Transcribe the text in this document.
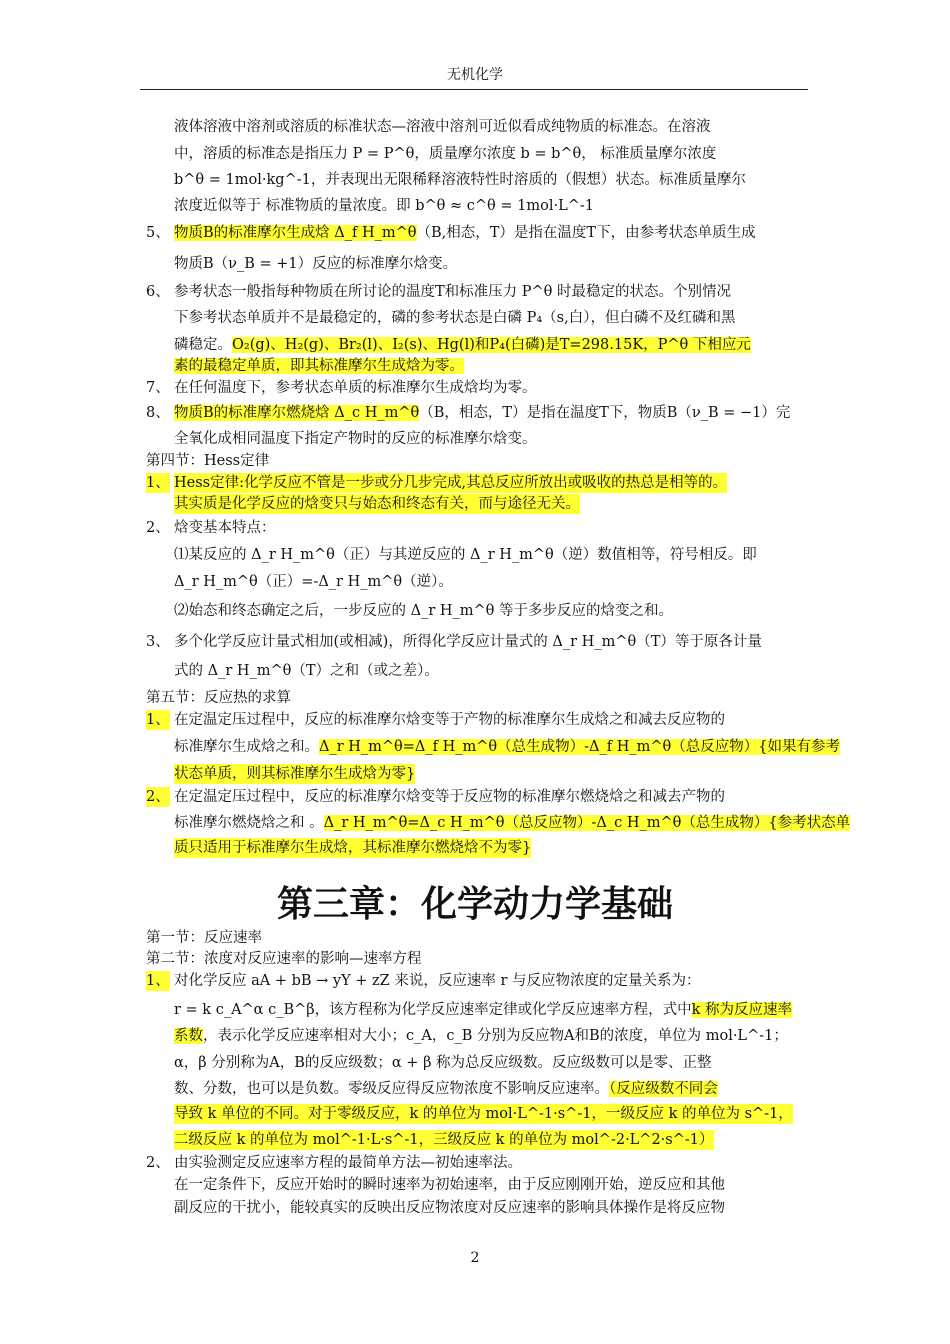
无机化学
液体溶液中溶剂或溶质的标准状态—溶液中溶剂可近似看成纯物质的标准态。在溶液
中，溶质的标准态是指压力 P = P^θ，质量摩尔浓度 b = b^θ， 标准质量摩尔浓度
b^θ = 1mol·kg^-1，并表现出无限稀释溶液特性时溶质的（假想）状态。标准质量摩尔
浓度近似等于 标准物质的量浓度。即 b^θ ≈ c^θ = 1mol·L^-1
5、 物质B的标准摩尔生成焓 Δ_f H_m^θ（B,相态，T）是指在温度T下，由参考状态单质生成
物质B（ν_B = +1）反应的标准摩尔焓变。
6、 参考状态一般指每种物质在所讨论的温度T和标准压力 P^θ 时最稳定的状态。个别情况
下参考状态单质并不是最稳定的，磷的参考状态是白磷 P₄（s,白），但白磷不及红磷和黑
磷稳定。O₂(g)、H₂(g)、Br₂(l)、I₂(s)、Hg(l)和P₄(白磷)是T=298.15K，P^θ 下相应元
素的最稳定单质，即其标准摩尔生成焓为零。
7、 在任何温度下，参考状态单质的标准摩尔生成焓均为零。
8、 物质B的标准摩尔燃烧焓 Δ_c H_m^θ（B，相态，T）是指在温度T下，物质B（ν_B = −1）完
全氧化成相同温度下指定产物时的反应的标准摩尔焓变。
第四节：Hess定律
1、 Hess定律:化学反应不管是一步或分几步完成,其总反应所放出或吸收的热总是相等的。
其实质是化学反应的焓变只与始态和终态有关，而与途径无关。
2、 焓变基本特点：
⑴某反应的 Δ_r H_m^θ（正）与其逆反应的 Δ_r H_m^θ（逆）数值相等，符号相反。即
Δ_r H_m^θ（正）=-Δ_r H_m^θ（逆）。
⑵始态和终态确定之后，一步反应的 Δ_r H_m^θ 等于多步反应的焓变之和。
3、 多个化学反应计量式相加(或相减)，所得化学反应计量式的 Δ_r H_m^θ（T）等于原各计量
式的 Δ_r H_m^θ（T）之和（或之差）。
第五节：反应热的求算
1、 在定温定压过程中，反应的标准摩尔焓变等于产物的标准摩尔生成焓之和减去反应物的
标准摩尔生成焓之和。Δ_r H_m^θ=Δ_f H_m^θ（总生成物）-Δ_f H_m^θ（总反应物）{如果有参考
状态单质，则其标准摩尔生成焓为零}
2、 在定温定压过程中，反应的标准摩尔焓变等于反应物的标准摩尔燃烧焓之和减去产物的
标准摩尔燃烧焓之和 。Δ_r H_m^θ=Δ_c H_m^θ（总反应物）-Δ_c H_m^θ（总生成物）{参考状态单
质只适用于标准摩尔生成焓，其标准摩尔燃烧焓不为零}
第三章：化学动力学基础
第一节：反应速率
第二节：浓度对反应速率的影响—速率方程
1、 对化学反应 aA + bB → yY + zZ 来说，反应速率 r 与反应物浓度的定量关系为：
r = k c_A^α c_B^β，该方程称为化学反应速率定律或化学反应速率方程，式中k 称为反应速率
系数，表示化学反应速率相对大小；c_A，c_B 分别为反应物A和B的浓度，单位为 mol·L^-1；
α，β 分别称为A，B的反应级数；α + β 称为总反应级数。反应级数可以是零、正整
数、分数，也可以是负数。零级反应得反应物浓度不影响反应速率。（反应级数不同会
导致 k 单位的不同。对于零级反应，k 的单位为 mol·L^-1·s^-1，一级反应 k 的单位为 s^-1，
二级反应 k 的单位为 mol^-1·L·s^-1，三级反应 k 的单位为 mol^-2·L^2·s^-1）
2、 由实验测定反应速率方程的最简单方法—初始速率法。
在一定条件下，反应开始时的瞬时速率为初始速率，由于反应刚刚开始，逆反应和其他
副反应的干扰小，能较真实的反映出反应物浓度对反应速率的影响具体操作是将反应物
2
